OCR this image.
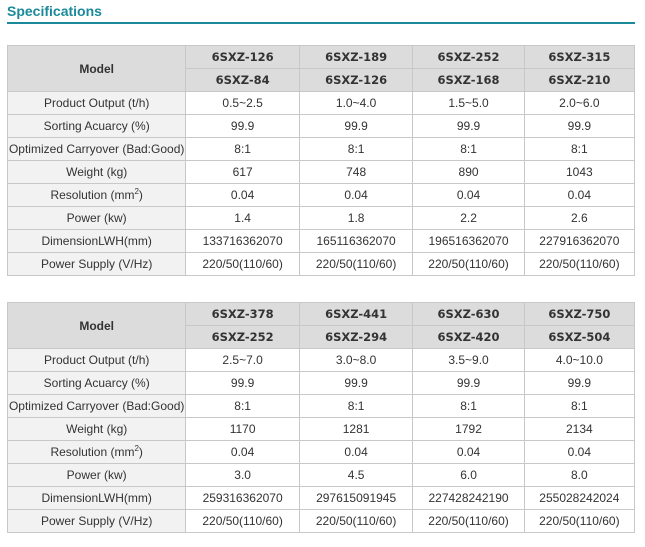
Specifications
Model	6SXZ-126	6SXZ-189	6SXZ-252	6SXZ-315
	6SXZ-84	6SXZ-126	6SXZ-168	6SXZ-210
Product Output (t/h)	0.5~2.5	1.0~4.0	1.5~5.0	2.0~6.0
Sorting Acuarcy (%)	99.9	99.9	99.9	99.9
Optimized Carryover (Bad:Good)	8:1	8:1	8:1	8:1
Weight (kg)	617	748	890	1043
Resolution $(mm^2)$	0.04	0.04	0.04	0.04
Power (kw)	1.4	1.8	2.2	2.6
DimensionLWH(mm)	133716362070	165116362070	196516362070	227916362070
Power Supply (V/Hz)	220/50(110/60)	220/50(110/60)	220/50(110/60)	220/50(110/60)
Model	6SXZ-378	6SXZ-441	6SXZ-630	6SXZ-750
	6SXZ-252	6SXZ-294	6SXZ-420	6SXZ-504
Product Output (t/h)	2.5~7.0	3.0~8.0	3.5~9.0	4.0~10.0
Sorting Acuarcy (%)	99.9	99.9	99.9	99.9
Optimized Carryover (Bad:Good)	8:1	8:1	8:1	8:1
Weight (kg)	1170	1281	1792	2134
Resolution $(mm^2)$	0.04	0.04	0.04	0.04
Power (kw)	3.0	4.5	6.0	8.0
DimensionLWH(mm)	259316362070	297615091945	227428242190	255028242024
Power Supply (V/Hz)	220/50(110/60)	220/50(110/60)	220/50(110/60)	220/50(110/60)
